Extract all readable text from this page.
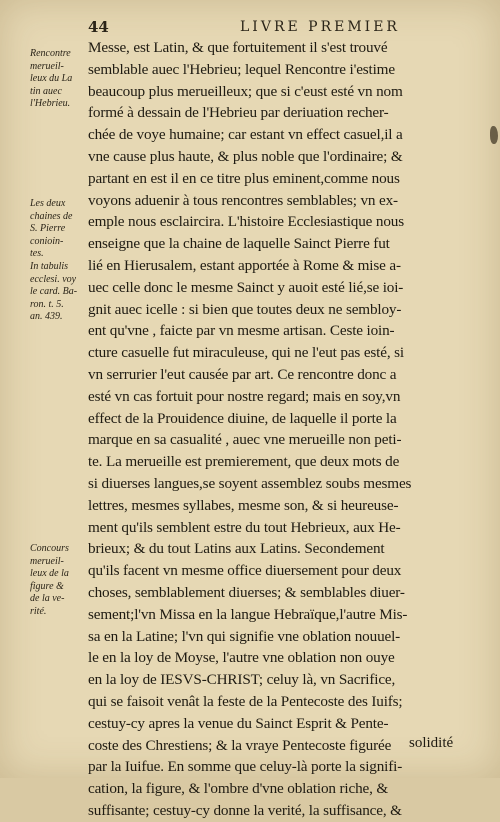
44	LIVRE PREMIER
Rencontre
merueil-
leux du La
tin auec
l'Hebrieu.
Les deux
chaines de
S. Pierre
conioin-
tes.
In tabulis
ecclesi. voy
le card. Ba-
ron. t. 5.
an. 439.
Concours
merueil-
leux de la
figure &
de la ve-
rité.
Messe, est Latin, & que fortuitement il s'est trouvé
semblable auec l'Hebrieu; lequel Rencontre i'estime
beaucoup plus merueilleux; que si c'eust esté vn nom
formé à dessain de l'Hebrieu par deriuation recher-
chée de voye humaine; car estant vn effect casuel,il a
vne cause plus haute, & plus noble que l'ordinaire; &
partant en est il en ce titre plus eminent,comme nous
voyons aduenir à tous rencontres semblables; vn ex-
emple nous esclaircira. L'histoire Ecclesiastique nous
enseigne que la chaine de laquelle Sainct Pierre fut
lié en Hierusalem, estant apportée à Rome & mise a-
uec celle donc le mesme Sainct y auoit esté lié,se ioi-
gnit auec icelle : si bien que toutes deux ne sembloy-
ent qu'vne , faicte par vn mesme artisan. Ceste ioin-
cture casuelle fut miraculeuse, qui ne l'eut pas esté, si
vn serrurier l'eut causée par art. Ce rencontre donc a
esté vn cas fortuit pour nostre regard; mais en soy,vn
effect de la Prouidence diuine, de laquelle il porte la
marque en sa casualité , auec vne merueille non peti-
te. La merueille est premierement, que deux mots de
si diuerses langues,se soyent assemblez soubs mesmes
lettres, mesmes syllabes, mesme son, & si heureuse-
ment qu'ils semblent estre du tout Hebrieux, aux He-
brieux; & du tout Latins aux Latins. Secondement
qu'ils facent vn mesme office diuersement pour deux
choses, semblablement diuerses; & semblables diuer-
sement;l'vn Missa en la langue Hebraïque,l'autre Mis-
sa en la Latine; l'vn qui signifie vne oblation nouuel-
le en la loy de Moyse, l'autre vne oblation non ouye
en la loy de IESVS-CHRIST; celuy là, vn Sacrifice,
qui se faisoit venât la feste de la Pentecoste des Iuifs;
cestuy-cy apres la venue du Sainct Esprit & Pente-
coste des Chrestiens; & la vraye Pentecoste figurée
par la Iuifue. En somme que celuy-là porte la signifi-
cation, la figure, & l'ombre d'vne oblation riche, &
suffisante; cestuy-cy donne la verité, la suffisance, &
solidité
